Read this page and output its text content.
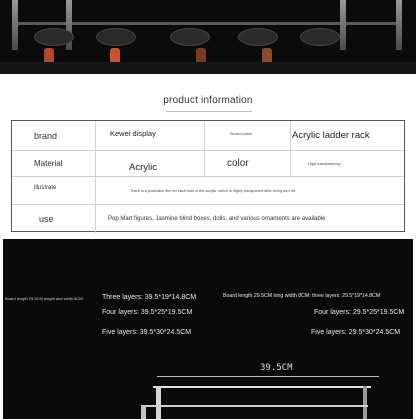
product information
brand	Kewei display	Product name	Acrylic ladder rack
Material	Acrylic	color	High transparency
illustrate	There is a protective film on each side of the acrylic, which is highly transparent after being torn off.
use	Pop Mart figures, Jasmine blind boxes, dolls, and various ornaments are available
Board length 29.5CM length and width 8CM:	Three layers: 39.5*19*14.8CM
Four layers: 39.5*25*19.5CM
Five layers: 39.5*30*24.5CM
Board length 29.5CM long width 8CM: three layers: 29.5*19*14.8CM
Four layers: 29.5*25*19.5CM
Five layers: 29.5*30*24.5CM
39.5CM
